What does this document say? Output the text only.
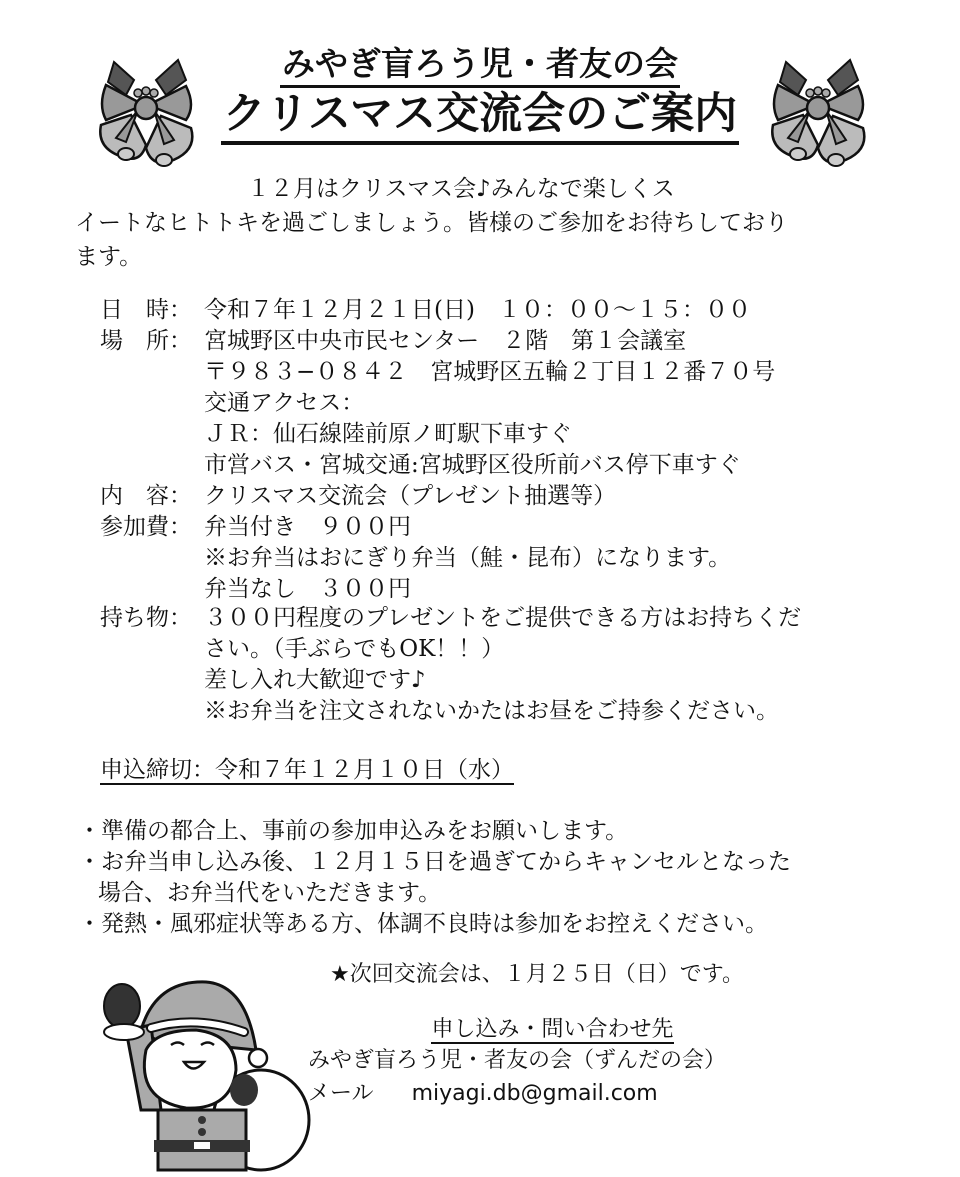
みやぎ盲ろう児・者友の会
クリスマス交流会のご案内

１２月はクリスマス会♪みんなで楽しくス

イートなヒトトキを過ごしましょう。皆様のご参加をお待ちしており

ます。

日　時： 令和７年１２月２１日(日)　１０：００～１５：００
場　所： 宮城野区中央市民センター　２階　第１会議室
〒９８３−０８４２　宮城野区五輪２丁目１２番７０号
交通アクセス：
ＪＲ：仙石線陸前原ノ町駅下車すぐ
市営バス・宮城交通:宮城野区役所前バス停下車すぐ
内　容： クリスマス交流会（プレゼント抽選等）
参加費： 弁当付き　９００円
※お弁当はおにぎり弁当（鮭・昆布）になります。
弁当なし　３００円
持ち物： ３００円程度のプレゼントをご提供できる方はお持ちくだ
さい。（手ぶらでもOK！！）
差し入れ大歓迎です♪
※お弁当を注文されないかたはお昼をご持参ください。
申込締切：令和７年１２月１０日（水）
・準備の都合上、事前の参加申込みをお願いします。
・お弁当申し込み後、１２月１５日を過ぎてからキャンセルとなった
場合、お弁当代をいただきます。
・発熱・風邪症状等ある方、体調不良時は参加をお控えください。
★次回交流会は、１月２５日（日）です。
申し込み・問い合わせ先
みやぎ盲ろう児・者友の会（ずんだの会）
メール miyagi.db@gmail.com
